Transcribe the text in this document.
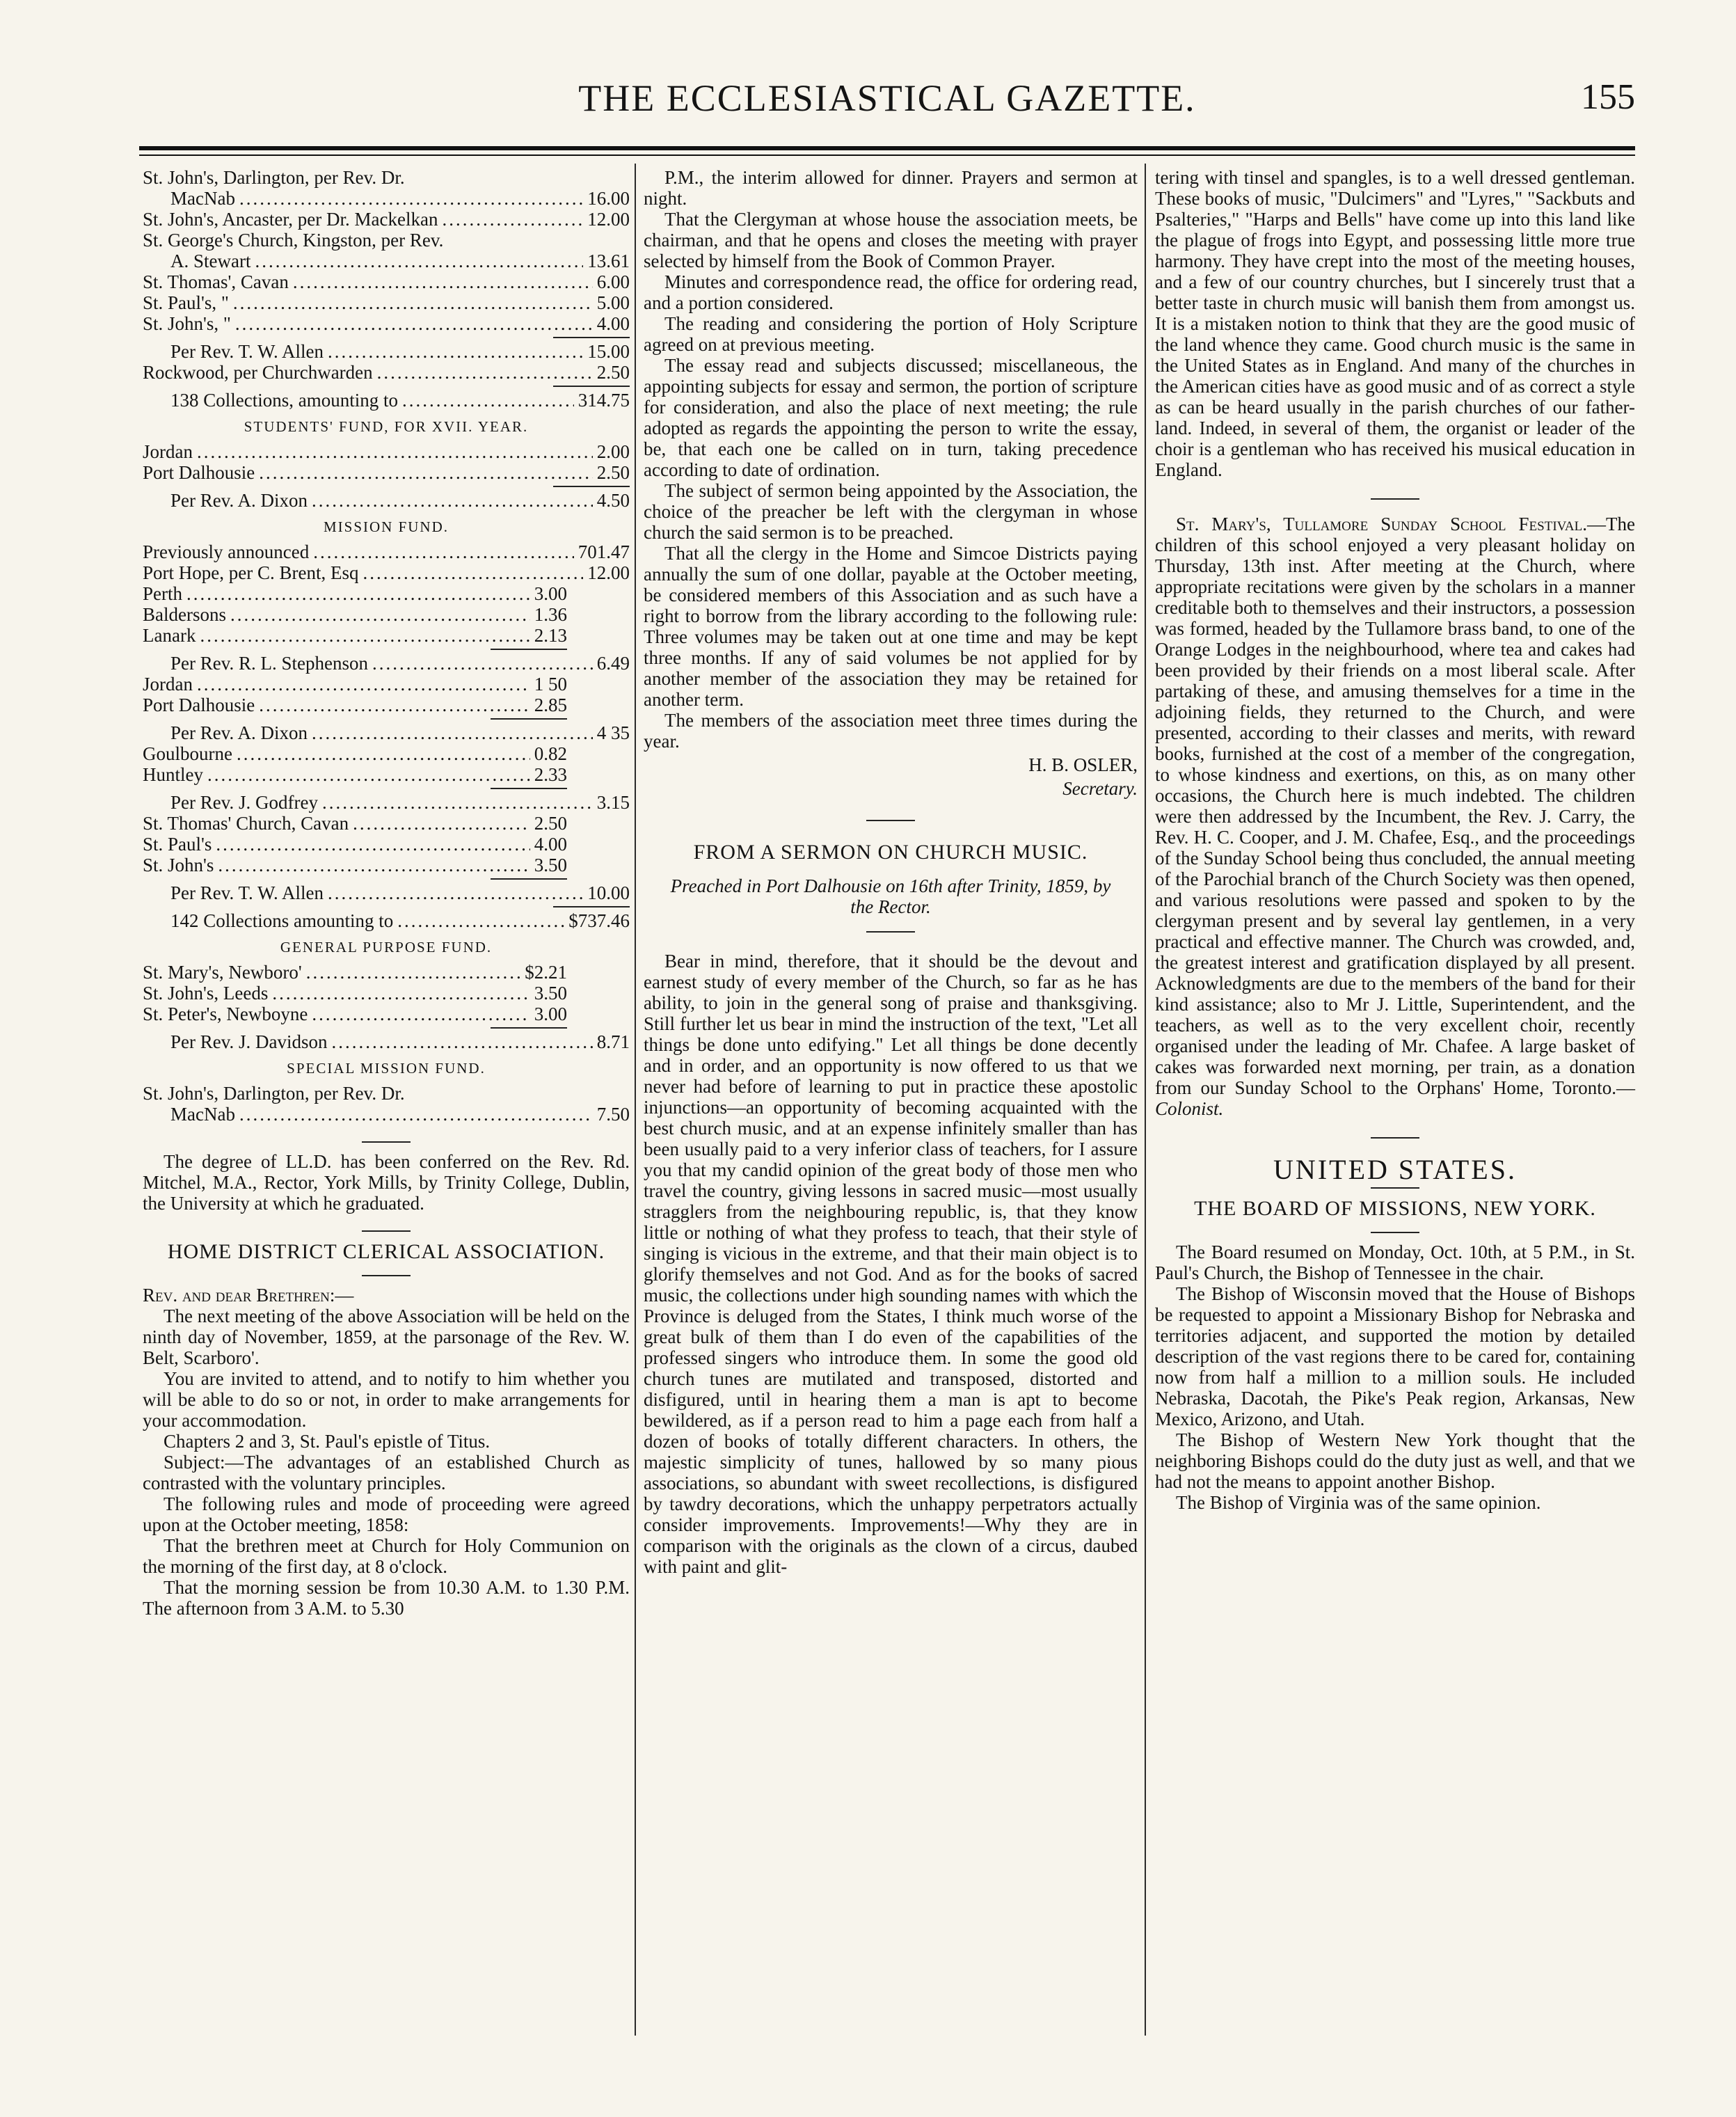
THE ECCLESIASTICAL GAZETTE.	155
St. John's, Darlington, per Rev. Dr.
MacNab .....	16.00
St. John's, Ancaster, per Dr. Mackelkan .....	12.00
St. George's Church, Kingston, per Rev.
A. Stewart .....	13.61
St. Thomas', Cavan .....	6.00
St. Paul's, " .....	5.00
St. John's, " .....	4.00
Per Rev. T. W. Allen .....	15.00
Rockwood, per Churchwarden .....	2.50
138 Collections, amounting to .....	314.75
STUDENTS' FUND, FOR XVII. YEAR.
Jordan .....	2.00
Port Dalhousie .....	2.50
Per Rev. A. Dixon .....	4.50
MISSION FUND.
Previously announced .....	701.47
Port Hope, per C. Brent, Esq .....	12.00
Perth .....	3.00
Baldersons .....	1.36
Lanark .....	2.13
Per Rev. R. L. Stephenson .....	6.49
Jordan .....	1 50
Port Dalhousie .....	2.85
Per Rev. A. Dixon .....	4 35
Goulbourne .....	0.82
Huntley .....	2.33
Per Rev. J. Godfrey .....	3.15
St. Thomas' Church, Cavan .....	2.50
St. Paul's .....	4.00
St. John's .....	3.50
Per Rev. T. W. Allen .....	10.00
142 Collections amounting to .....	$737.46
GENERAL PURPOSE FUND.
St. Mary's, Newboro' .....	$2.21
St. John's, Leeds .....	3.50
St. Peter's, Newboyne .....	3.00
Per Rev. J. Davidson .....	8.71
SPECIAL MISSION FUND.
St. John's, Darlington, per Rev. Dr.
MacNab .....	7.50

The degree of LL.D. has been conferred on the Rev. Rd. Mitchel, M.A., Rector, York Mills, by Trinity College, Dublin, the University at which he graduated.

HOME DISTRICT CLERICAL ASSOCIATION.

Rev. and dear Brethren:—

The next meeting of the above Association will be held on the ninth day of November, 1859, at the parsonage of the Rev. W. Belt, Scarboro'.

You are invited to attend, and to notify to him whether you will be able to do so or not, in order to make arrangements for your accommodation.

Chapters 2 and 3, St. Paul's epistle of Titus.

Subject:—The advantages of an established Church as contrasted with the voluntary principles.

The following rules and mode of proceeding were agreed upon at the October meeting, 1858:

That the brethren meet at Church for Holy Communion on the morning of the first day, at 8 o'clock.

That the morning session be from 10.30 A.M. to 1.30 P.M. The afternoon from 3 A.M. to 5.30

P.M., the interim allowed for dinner. Prayers and sermon at night.

That the Clergyman at whose house the association meets, be chairman, and that he opens and closes the meeting with prayer selected by himself from the Book of Common Prayer.

Minutes and correspondence read, the office for ordering read, and a portion considered.

The reading and considering the portion of Holy Scripture agreed on at previous meeting.

The essay read and subjects discussed; miscellaneous, the appointing subjects for essay and sermon, the portion of scripture for consideration, and also the place of next meeting; the rule adopted as regards the appointing the person to write the essay, be, that each one be called on in turn, taking precedence according to date of ordination.

The subject of sermon being appointed by the Association, the choice of the preacher be left with the clergyman in whose church the said sermon is to be preached.

That all the clergy in the Home and Simcoe Districts paying annually the sum of one dollar, payable at the October meeting, be considered members of this Association and as such have a right to borrow from the library according to the following rule: Three volumes may be taken out at one time and may be kept three months. If any of said volumes be not applied for by another member of the association they may be retained for another term.

The members of the association meet three times during the year.

H. B. OSLER,
Secretary.
FROM A SERMON ON CHURCH MUSIC.
Preached in Port Dalhousie on 16th after Trinity, 1859, by the Rector.

Bear in mind, therefore, that it should be the devout and earnest study of every member of the Church, so far as he has ability, to join in the general song of praise and thanksgiving. Still further let us bear in mind the instruction of the text, "Let all things be done unto edifying." Let all things be done decently and in order, and an opportunity is now offered to us that we never had before of learning to put in practice these apostolic injunctions—an opportunity of becoming acquainted with the best church music, and at an expense infinitely smaller than has been usually paid to a very inferior class of teachers, for I assure you that my candid opinion of the great body of those men who travel the country, giving lessons in sacred music—most usually stragglers from the neighbouring republic, is, that they know little or nothing of what they profess to teach, that their style of singing is vicious in the extreme, and that their main object is to glorify themselves and not God. And as for the books of sacred music, the collections under high sounding names with which the Province is deluged from the States, I think much worse of the great bulk of them than I do even of the capabilities of the professed singers who introduce them. In some the good old church tunes are mutilated and transposed, distorted and disfigured, until in hearing them a man is apt to become bewildered, as if a person read to him a page each from half a dozen of books of totally different characters. In others, the majestic simplicity of tunes, hallowed by so many pious associations, so abundant with sweet recollections, is disfigured by tawdry decorations, which the unhappy perpetrators actually consider improvements. Improvements!—Why they are in comparison with the originals as the clown of a circus, daubed with paint and glit-

tering with tinsel and spangles, is to a well dressed gentleman. These books of music, "Dulcimers" and "Lyres," "Sackbuts and Psalteries," "Harps and Bells" have come up into this land like the plague of frogs into Egypt, and possessing little more true harmony. They have crept into the most of the meeting houses, and a few of our country churches, but I sincerely trust that a better taste in church music will banish them from amongst us. It is a mistaken notion to think that they are the good music of the land whence they came. Good church music is the same in the United States as in England. And many of the churches in the American cities have as good music and of as correct a style as can be heard usually in the parish churches of our father-land. Indeed, in several of them, the organist or leader of the choir is a gentleman who has received his musical education in England.

St. Mary's, Tullamore Sunday School Festival.—The children of this school enjoyed a very pleasant holiday on Thursday, 13th inst. After meeting at the Church, where appropriate recitations were given by the scholars in a manner creditable both to themselves and their instructors, a possession was formed, headed by the Tullamore brass band, to one of the Orange Lodges in the neighbourhood, where tea and cakes had been provided by their friends on a most liberal scale. After partaking of these, and amusing themselves for a time in the adjoining fields, they returned to the Church, and were presented, according to their classes and merits, with reward books, furnished at the cost of a member of the congregation, to whose kindness and exertions, on this, as on many other occasions, the Church here is much indebted. The children were then addressed by the Incumbent, the Rev. J. Carry, the Rev. H. C. Cooper, and J. M. Chafee, Esq., and the proceedings of the Sunday School being thus concluded, the annual meeting of the Parochial branch of the Church Society was then opened, and various resolutions were passed and spoken to by the clergyman present and by several lay gentlemen, in a very practical and effective manner. The Church was crowded, and, the greatest interest and gratification displayed by all present. Acknowledgments are due to the members of the band for their kind assistance; also to Mr J. Little, Superintendent, and the teachers, as well as to the very excellent choir, recently organised under the leading of Mr. Chafee. A large basket of cakes was forwarded next morning, per train, as a donation from our Sunday School to the Orphans' Home, Toronto.—Colonist.

UNITED STATES.
THE BOARD OF MISSIONS, NEW YORK.

The Board resumed on Monday, Oct. 10th, at 5 P.M., in St. Paul's Church, the Bishop of Tennessee in the chair.

The Bishop of Wisconsin moved that the House of Bishops be requested to appoint a Missionary Bishop for Nebraska and territories adjacent, and supported the motion by detailed description of the vast regions there to be cared for, containing now from half a million to a million souls. He included Nebraska, Dacotah, the Pike's Peak region, Arkansas, New Mexico, Arizono, and Utah.

The Bishop of Western New York thought that the neighboring Bishops could do the duty just as well, and that we had not the means to appoint another Bishop.

The Bishop of Virginia was of the same opinion.
